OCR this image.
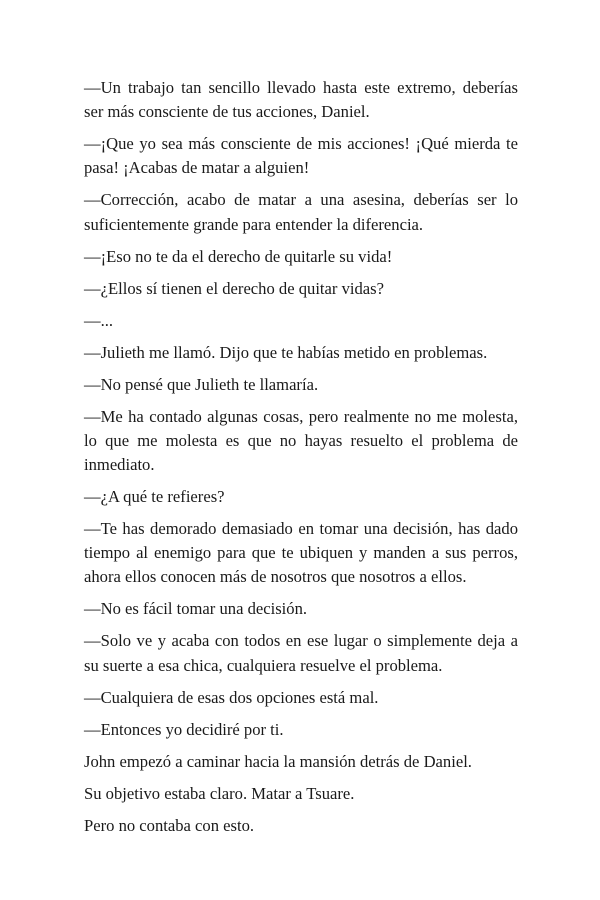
—Un trabajo tan sencillo llevado hasta este extremo, deberías ser más consciente de tus acciones, Daniel.

—¡Que yo sea más consciente de mis acciones! ¡Qué mierda te pasa! ¡Acabas de matar a alguien!

—Corrección, acabo de matar a una asesina, deberías ser lo suficientemente grande para entender la diferencia.

—¡Eso no te da el derecho de quitarle su vida!

—¿Ellos sí tienen el derecho de quitar vidas?

—...

—Julieth me llamó. Dijo que te habías metido en problemas.

—No pensé que Julieth te llamaría.

—Me ha contado algunas cosas, pero realmente no me molesta, lo que me molesta es que no hayas resuelto el problema de inmediato.

—¿A qué te refieres?

—Te has demorado demasiado en tomar una decisión, has dado tiempo al enemigo para que te ubiquen y manden a sus perros, ahora ellos conocen más de nosotros que nosotros a ellos.

—No es fácil tomar una decisión.

—Solo ve y acaba con todos en ese lugar o simplemente deja a su suerte a esa chica, cualquiera resuelve el problema.

—Cualquiera de esas dos opciones está mal.

—Entonces yo decidiré por ti.

John empezó a caminar hacia la mansión detrás de Daniel.

Su objetivo estaba claro. Matar a Tsuare.

Pero no contaba con esto.
